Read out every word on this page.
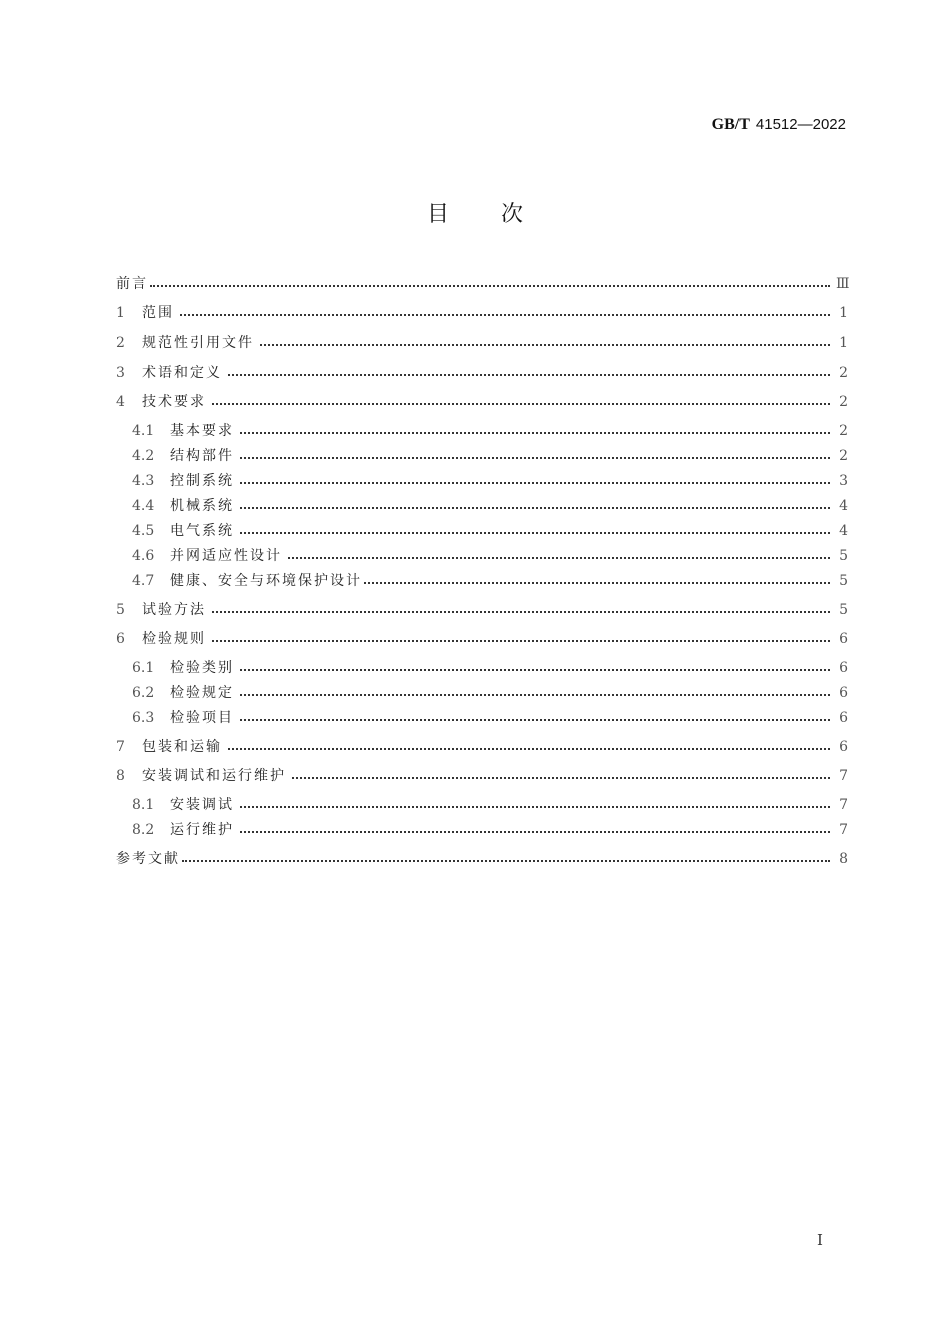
GB/T 41512—2022
目 次
前言	Ⅲ
1	范围	1
2	规范性引用文件	1
3	术语和定义	2
4	技术要求	2
4.1	基本要求	2
4.2	结构部件	2
4.3	控制系统	3
4.4	机械系统	4
4.5	电气系统	4
4.6	并网适应性设计	5
4.7	健康、安全与环境保护设计	5
5	试验方法	5
6	检验规则	6
6.1	检验类别	6
6.2	检验规定	6
6.3	检验项目	6
7	包装和运输	6
8	安装调试和运行维护	7
8.1	安装调试	7
8.2	运行维护	7
参考文献	8
I
